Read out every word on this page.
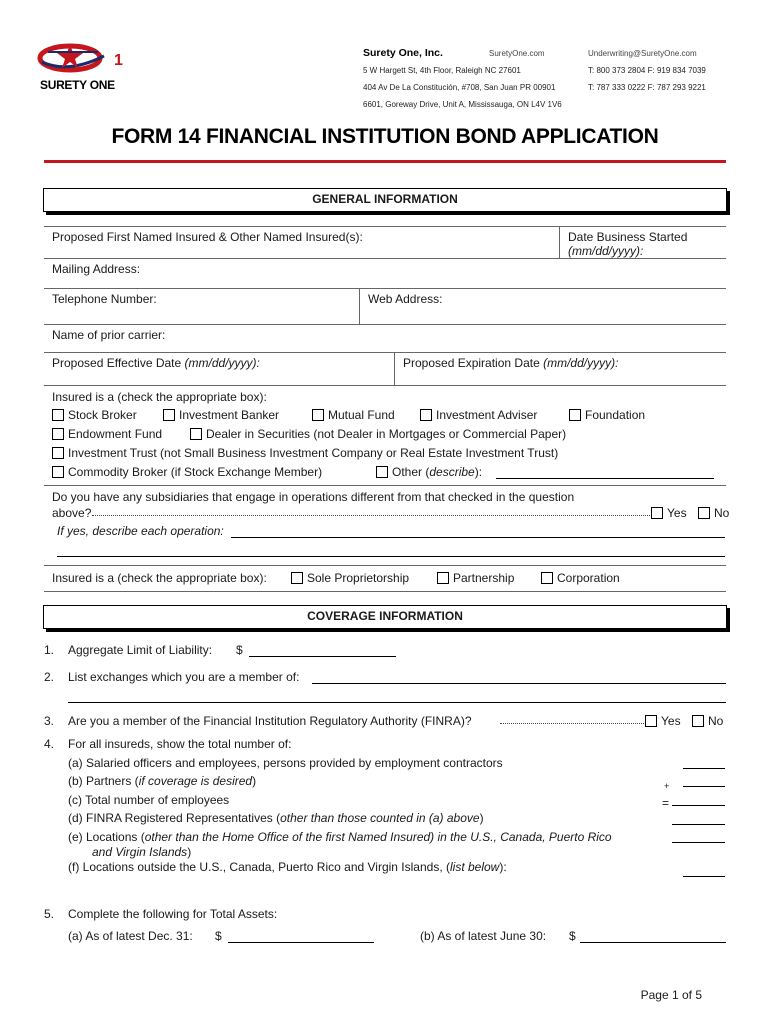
1
SURETY ONE
Surety One, Inc.	SuretyOne.com
5 W Hargett St, 4th Floor, Raleigh NC 27601
404 Av De La Constitución, #708, San Juan PR 00901
6601, Goreway Drive, Unit A, Mississauga, ON L4V 1V6
Underwriting@SuretyOne.com
T: 800 373 2804 F: 919 834 7039
T: 787 333 0222 F: 787 293 9221
FORM 14 FINANCIAL INSTITUTION BOND APPLICATION
GENERAL INFORMATION
Proposed First Named Insured & Other Named Insured(s):	Date Business Started
(mm/dd/yyyy):
Mailing Address:
Telephone Number:	Web Address:
Name of prior carrier:
Proposed Effective Date (mm/dd/yyyy):	Proposed Expiration Date (mm/dd/yyyy):
Insured is a (check the appropriate box):
Stock Broker	Investment Banker	Mutual Fund	Investment Adviser	Foundation
Endowment Fund	Dealer in Securities (not Dealer in Mortgages or Commercial Paper)
Investment Trust (not Small Business Investment Company or Real Estate Investment Trust)
Commodity Broker (if Stock Exchange Member)	Other (describe):
Do you have any subsidiaries that engage in operations different from that checked in the question
above?	Yes	No
If yes, describe each operation:
Insured is a (check the appropriate box):	Sole Proprietorship	Partnership	Corporation
COVERAGE INFORMATION
1. Aggregate Limit of Liability: $
2. List exchanges which you are a member of:
3. Are you a member of the Financial Institution Regulatory Authority (FINRA)?	Yes	No
4. For all insureds, show the total number of:
(a) Salaried officers and employees, persons provided by employment contractors
(b) Partners (if coverage is desired)	+
(c) Total number of employees	=
(d) FINRA Registered Representatives (other than those counted in (a) above)
(e) Locations (other than the Home Office of the first Named Insured) in the U.S., Canada, Puerto Rico
and Virgin Islands)
(f) Locations outside the U.S., Canada, Puerto Rico and Virgin Islands, (list below):
5. Complete the following for Total Assets:
(a) As of latest Dec. 31: $	(b) As of latest June 30: $
Page 1 of 5
